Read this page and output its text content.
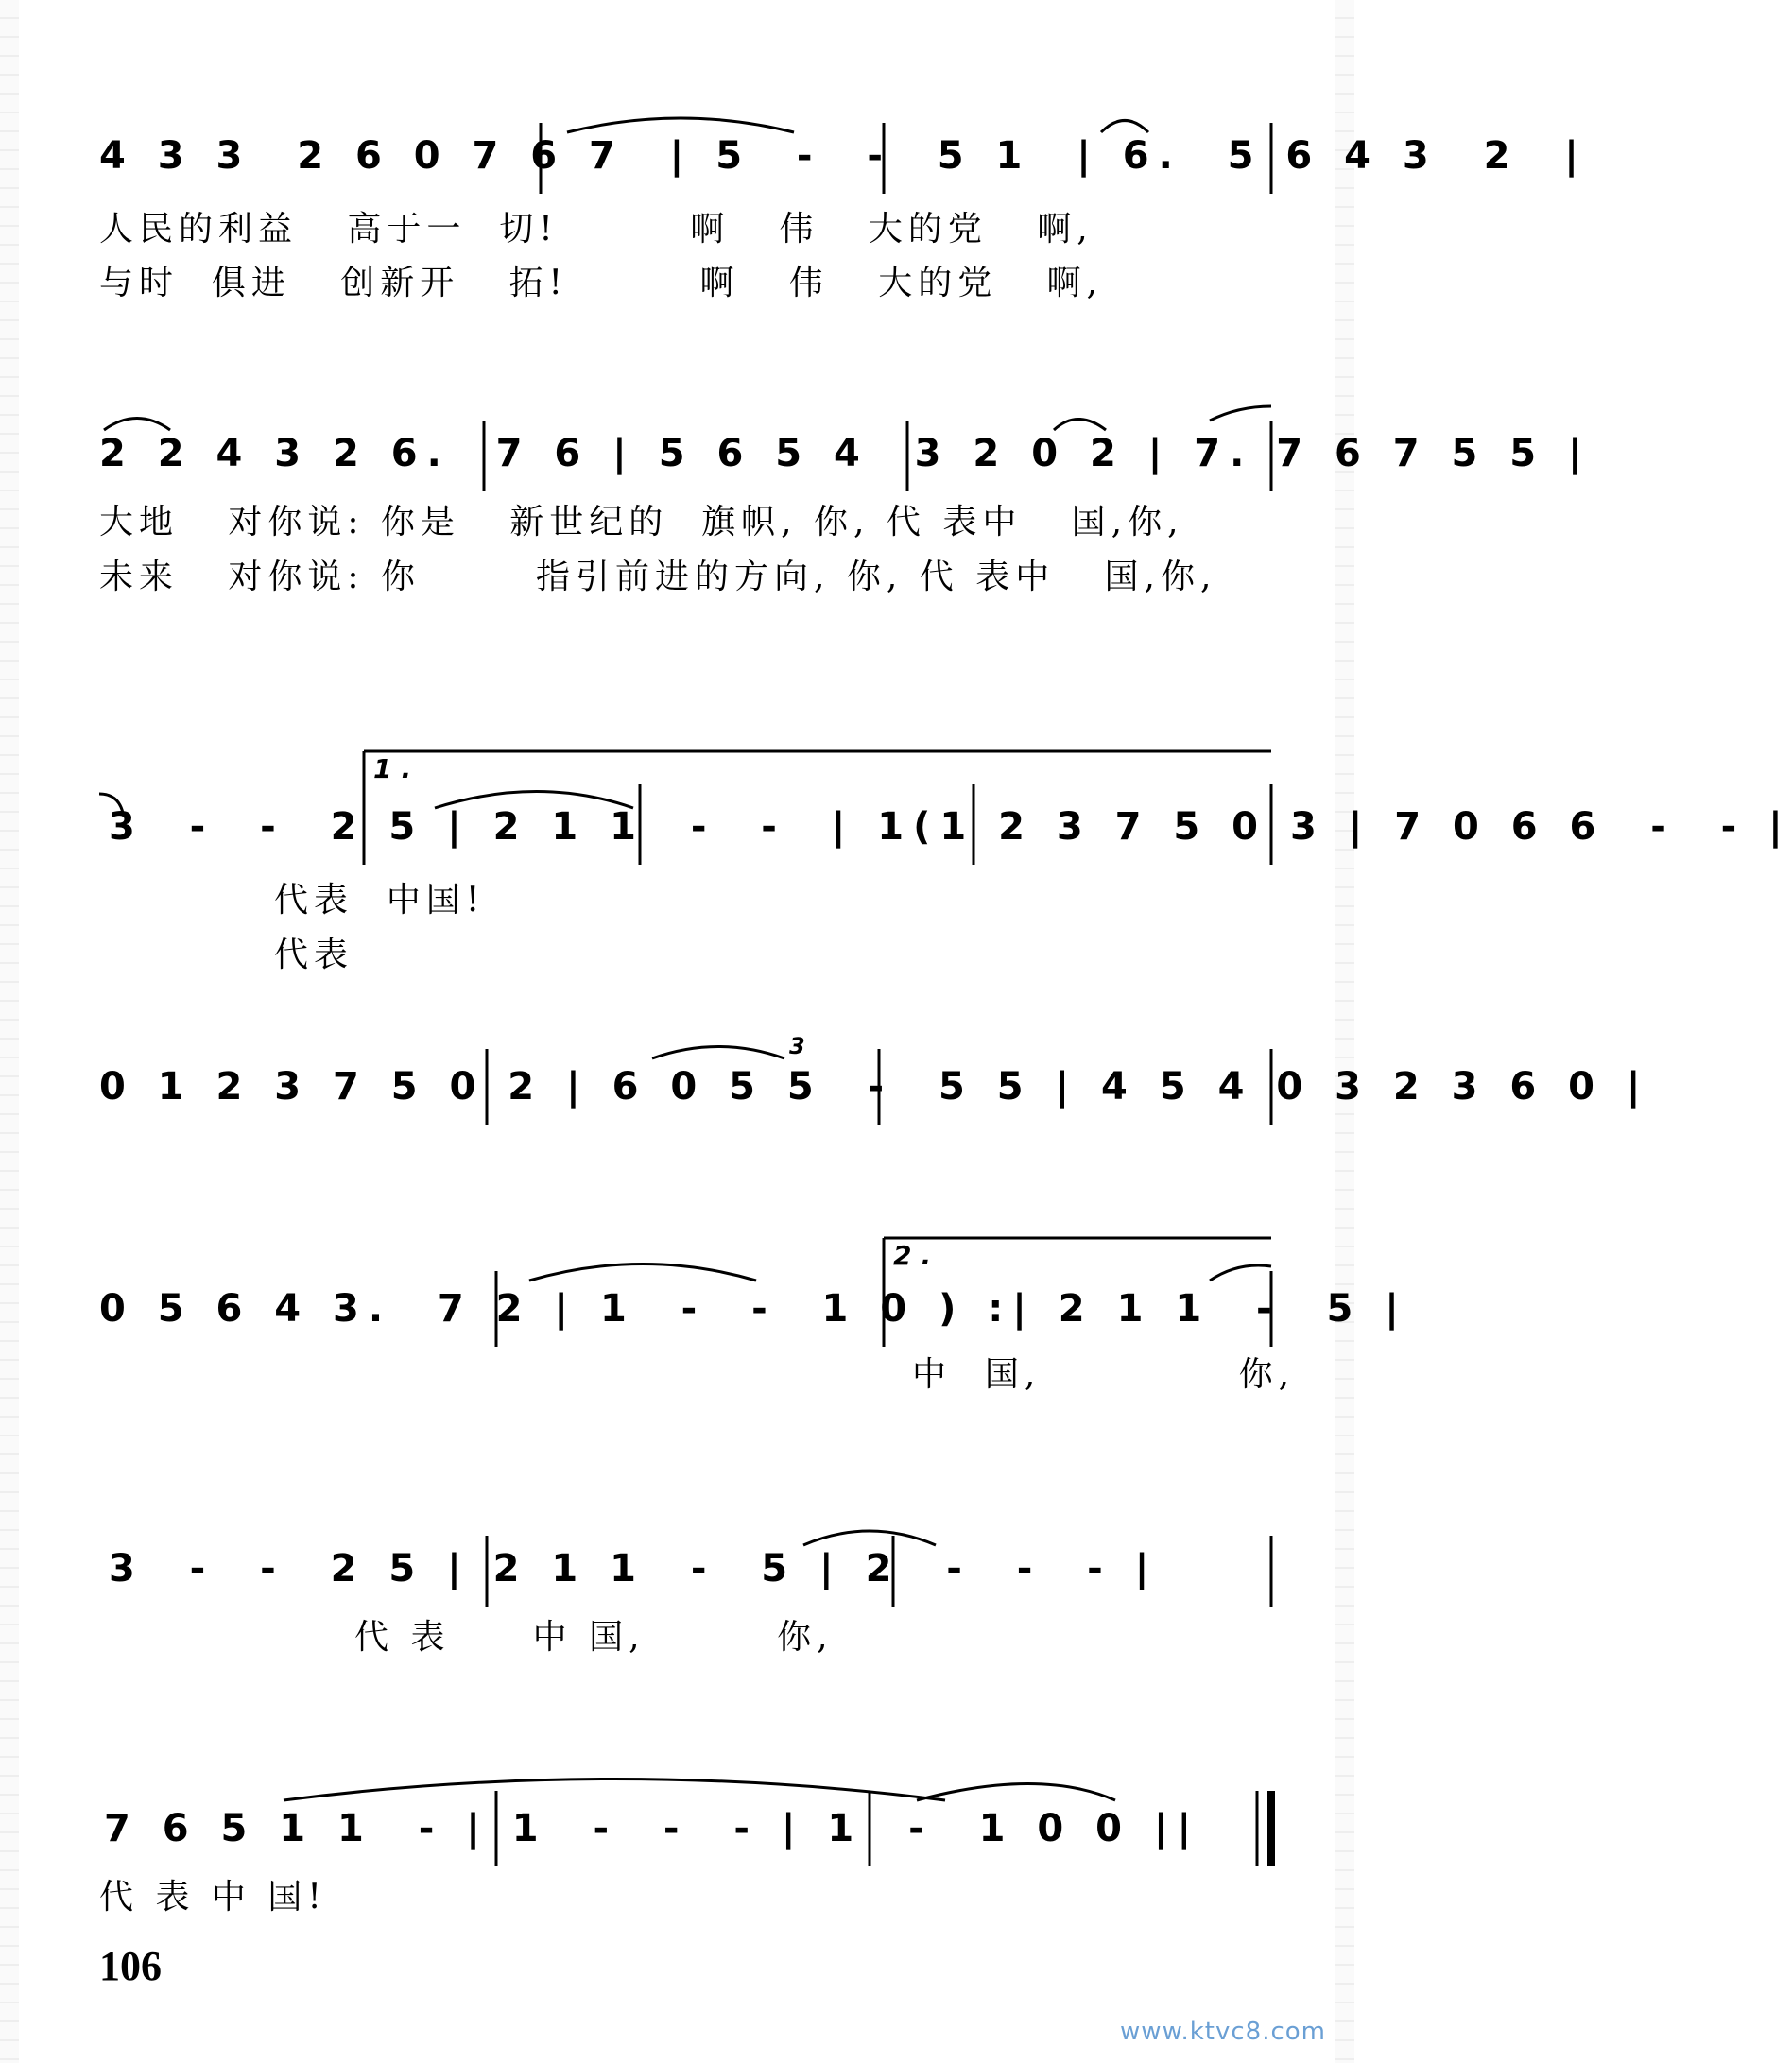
4 3 3  2 6 0 7 6 7  | 5  -  -  5 1  | 6.  5 6 4 3  2  |
人民的利益   高于一  切!        啊   伟   大的党   啊,
与时  俱进   创新开   拓!        啊   伟   大的党   啊,
2 2 4 3 2 6.  7 6 | 5 6 5 4  3 2 0 2 | 7. 7 6 7 5 5 |
大地   对你说: 你是   新世纪的  旗帜, 你, 代 表中   国,你,
未来   对你说: 你       指引前进的方向, 你, 代 表中   国,你,
1.
3  -  -  2 5 | 2 1 1  -  -  | 1(1 2 3 7 5 0 3 | 7 0 6 6  -  - |
代表  中国!
代表
3
0 1 2 3 7 5 0 2 | 6 0 5 5  -  5 5 | 4 5 4 0 3 2 3 6 0 |
2.
0 5 6 4 3.  7 2 | 1  -  -  1 0 ) :| 2 1 1  -  5 |
中  国,            你,
3  -  -  2 5 | 2 1 1  -  5 | 2  -  -  - |
代 表     中 国,        你,
7 6 5 1 1  - | 1  -  -  - | 1  -  1 0 0 ||
代 表 中 国!
106
www.ktvc8.com
